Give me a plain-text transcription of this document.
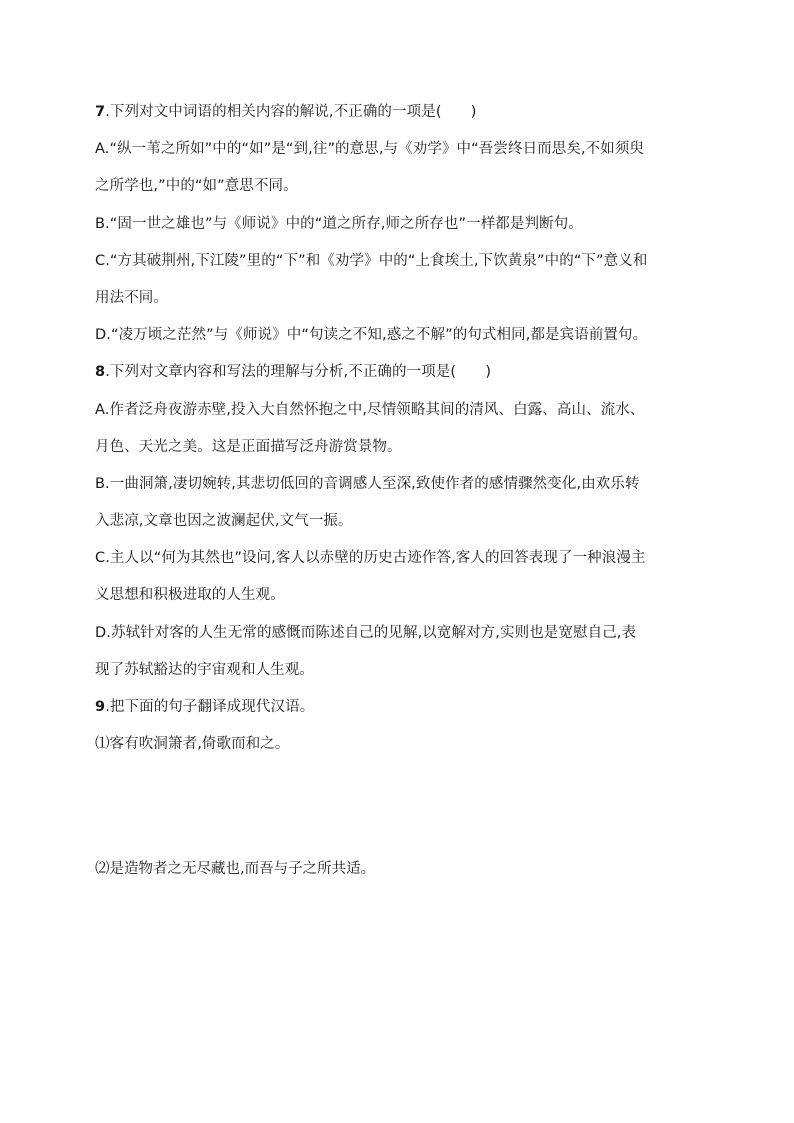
7.下列对文中词语的相关内容的解说,不正确的一项是(　　)
A.“纵一苇之所如”中的“如”是“到,往”的意思,与《劝学》中“吾尝终日而思矣,不如须臾
之所学也,”中的“如”意思不同。
B.“固一世之雄也”与《师说》中的“道之所存,师之所存也”一样都是判断句。
C.“方其破荆州,下江陵”里的“下”和《劝学》中的“上食埃土,下饮黄泉”中的“下”意义和
用法不同。
D.“凌万顷之茫然”与《师说》中“句读之不知,惑之不解”的句式相同,都是宾语前置句。
8.下列对文章内容和写法的理解与分析,不正确的一项是(　　)
A.作者泛舟夜游赤壁,投入大自然怀抱之中,尽情领略其间的清风、白露、高山、流水、
月色、天光之美。这是正面描写泛舟游赏景物。
B.一曲洞箫,凄切婉转,其悲切低回的音调感人至深,致使作者的感情骤然变化,由欢乐转
入悲凉,文章也因之波澜起伏,文气一振。
C.主人以“何为其然也”设问,客人以赤壁的历史古迹作答,客人的回答表现了一种浪漫主
义思想和积极进取的人生观。
D.苏轼针对客的人生无常的感慨而陈述自己的见解,以宽解对方,实则也是宽慰自己,表
现了苏轼豁达的宇宙观和人生观。
9.把下面的句子翻译成现代汉语。
⑴客有吹洞箫者,倚歌而和之。
⑵是造物者之无尽藏也,而吾与子之所共适。
